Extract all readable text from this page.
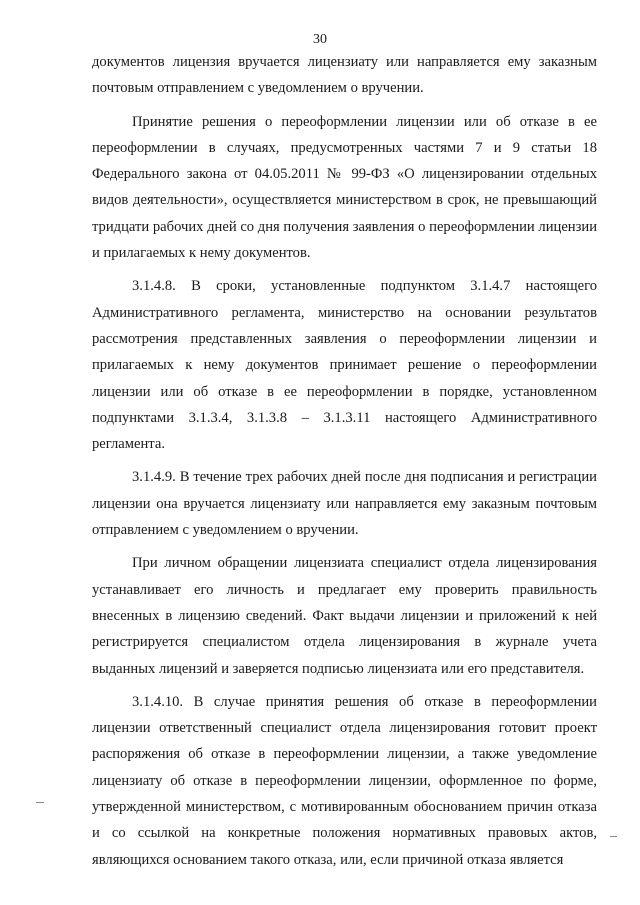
30

документов лицензия вручается лицензиату или направляется ему заказным почтовым отправлением с уведомлением о вручении.

Принятие решения о переоформлении лицензии или об отказе в ее переоформлении в случаях, предусмотренных частями 7 и 9 статьи 18 Федерального закона от 04.05.2011 № 99-ФЗ «О лицензировании отдельных видов деятельности», осуществляется министерством в срок, не превышающий тридцати рабочих дней со дня получения заявления о переоформлении лицензии и прилагаемых к нему документов.

3.1.4.8. В сроки, установленные подпунктом 3.1.4.7 настоящего Административного регламента, министерство на основании результатов рассмотрения представленных заявления о переоформлении лицензии и прилагаемых к нему документов принимает решение о переоформлении лицензии или об отказе в ее переоформлении в порядке, установленном подпунктами 3.1.3.4, 3.1.3.8 – 3.1.3.11 настоящего Административного регламента.

3.1.4.9. В течение трех рабочих дней после дня подписания и регистрации лицензии она вручается лицензиату или направляется ему заказным почтовым отправлением с уведомлением о вручении.

При личном обращении лицензиата специалист отдела лицензирования устанавливает его личность и предлагает ему проверить правильность внесенных в лицензию сведений. Факт выдачи лицензии и приложений к ней регистрируется специалистом отдела лицензирования в журнале учета выданных лицензий и заверяется подписью лицензиата или его представителя.

3.1.4.10. В случае принятия решения об отказе в переоформлении лицензии ответственный специалист отдела лицензирования готовит проект распоряжения об отказе в переоформлении лицензии, а также уведомление лицензиату об отказе в переоформлении лицензии, оформленное по форме, утвержденной министерством, с мотивированным обоснованием причин отказа и со ссылкой на конкретные положения нормативных правовых актов, являющихся основанием такого отказа, или, если причиной отказа является
